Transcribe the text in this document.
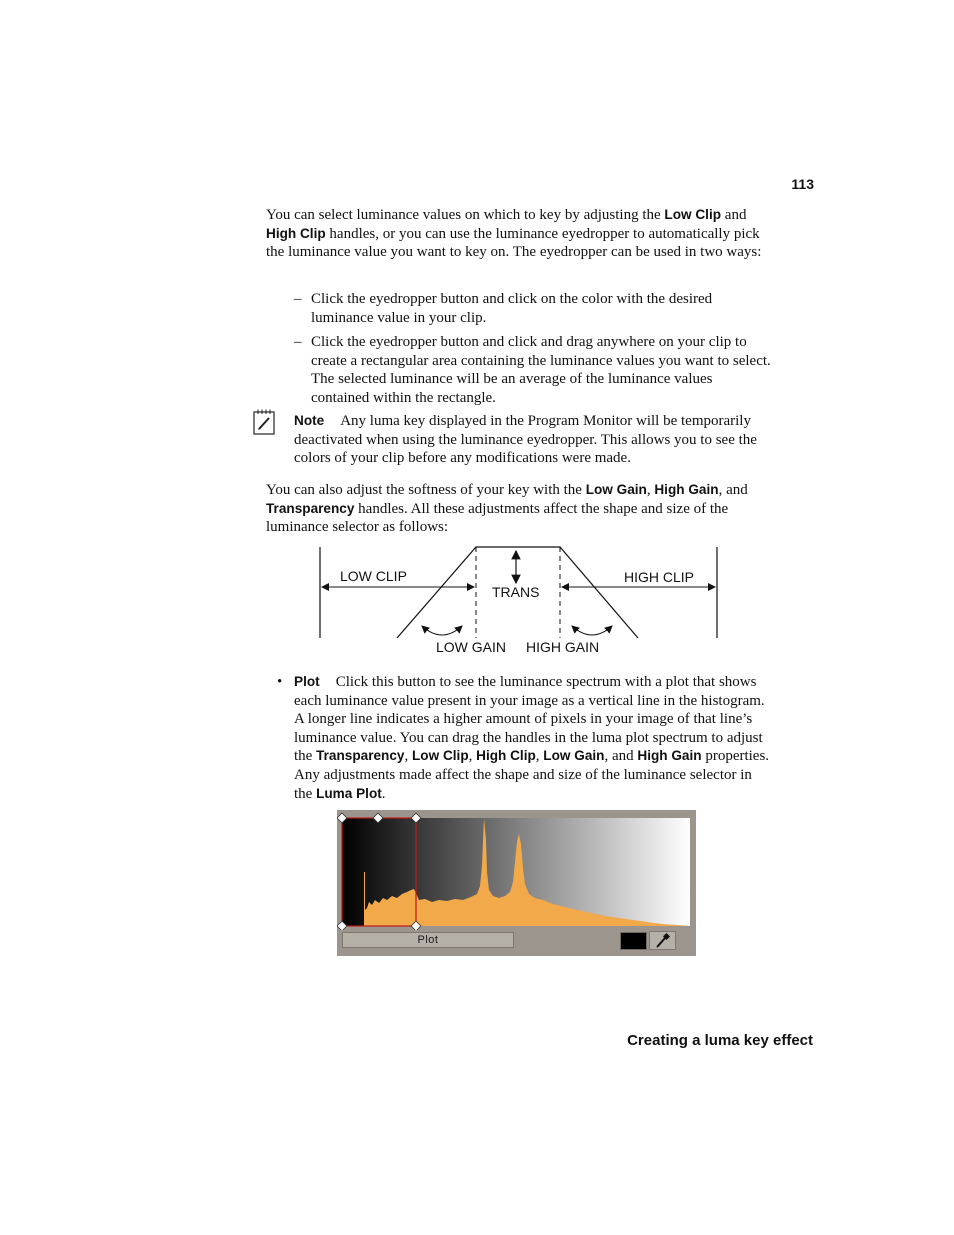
113
You can select luminance values on which to key by adjusting the Low Clip and High Clip handles, or you can use the luminance eyedropper to automatically pick the luminance value you want to key on. The eyedropper can be used in two ways:
– Click the eyedropper button and click on the color with the desired luminance value in your clip.
– Click the eyedropper button and click and drag anywhere on your clip to create a rectangular area containing the luminance values you want to select. The selected luminance will be an average of the luminance values contained within the rectangle.
Note Any luma key displayed in the Program Monitor will be temporarily deactivated when using the luminance eyedropper. This allows you to see the colors of your clip before any modifications were made.
You can also adjust the softness of your key with the Low Gain, High Gain, and Transparency handles. All these adjustments affect the shape and size of the luminance selector as follows:
LOW CLIP	HIGH CLIP
TRANS
LOW GAIN HIGH GAIN
• Plot Click this button to see the luminance spectrum with a plot that shows each luminance value present in your image as a vertical line in the histogram. A longer line indicates a higher amount of pixels in your image of that line’s luminance value. You can drag the handles in the luma plot spectrum to adjust the Transparency, Low Clip, High Clip, Low Gain, and High Gain properties. Any adjustments made affect the shape and size of the luminance selector in the Luma Plot.
Plot
Creating a luma key effect
